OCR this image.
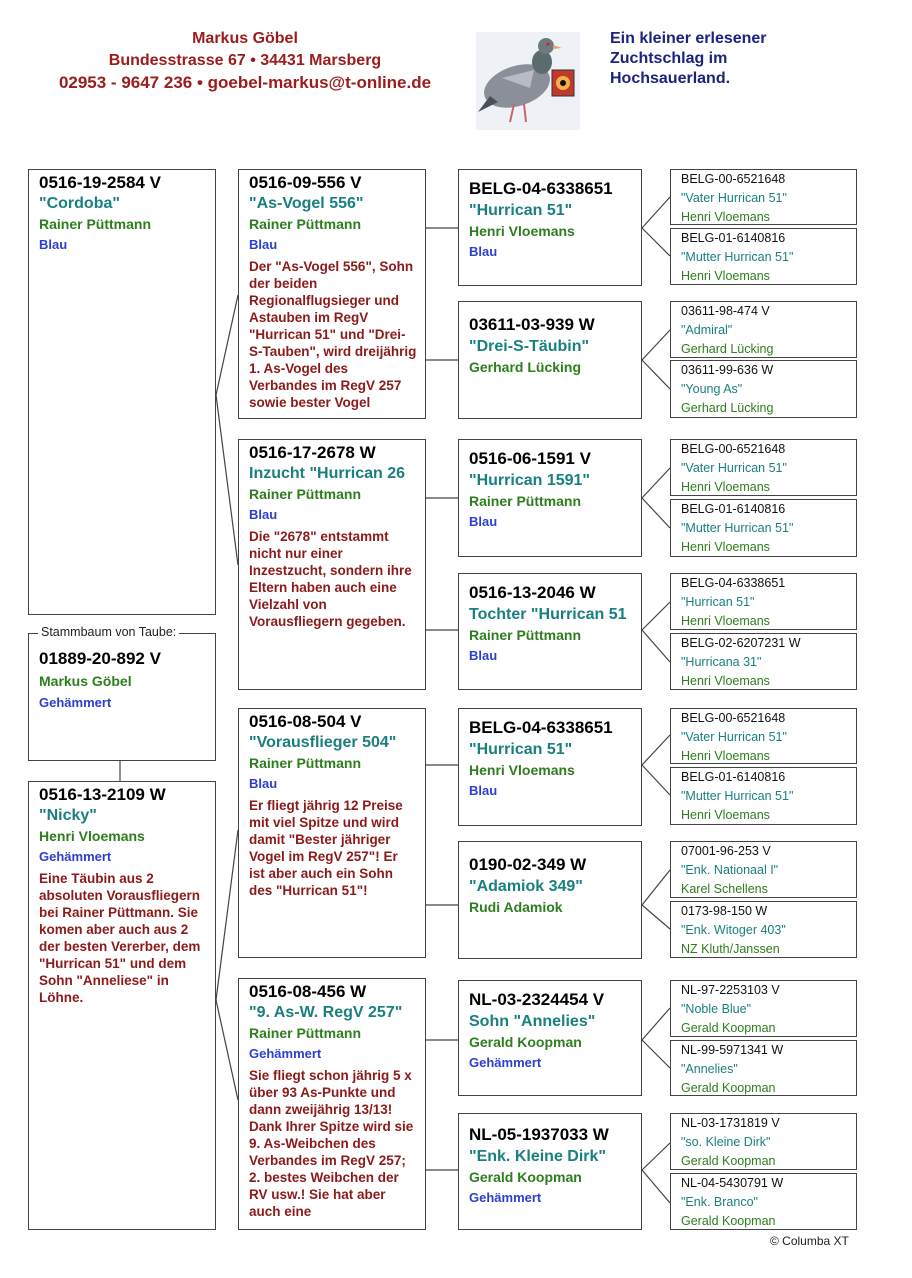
Markus Göbel
Bundesstrasse 67 • 34431 Marsberg
02953 - 9647 236 • goebel-markus@t-online.de
Ein kleiner erlesener
Zuchtschlag im
Hochsauerland.
0516-19-2584 V
"Cordoba"
Rainer Püttmann
Blau
01889-20-892 V
Markus Göbel
Gehämmert
Stammbaum von Taube:
0516-13-2109 W
"Nicky"
Henri Vloemans
Gehämmert
Eine Täubin aus 2 absoluten Vorausfliegern bei Rainer Püttmann. Sie komen aber auch aus 2 der besten Vererber, dem "Hurrican 51" und dem Sohn "Anneliese" in Löhne.
0516-09-556 V
"As-Vogel 556"
Rainer Püttmann
Blau
Der "As-Vogel 556", Sohn der beiden Regionalflugsieger und Astauben im RegV "Hurrican 51" und "Drei-S-Tauben", wird dreijährig 1. As-Vogel des Verbandes im RegV 257 sowie bester Vogel
0516-17-2678 W
Inzucht "Hurrican 26
Rainer Püttmann
Blau
Die "2678" entstammt nicht nur einer Inzestzucht, sondern ihre Eltern haben auch eine Vielzahl von Vorausfliegern gegeben.
0516-08-504 V
"Vorausflieger 504"
Rainer Püttmann
Blau
Er fliegt jährig 12 Preise mit viel Spitze und wird damit "Bester jähriger Vogel im RegV 257"! Er ist aber auch ein Sohn des "Hurrican 51"!
0516-08-456 W
"9. As-W. RegV 257"
Rainer Püttmann
Gehämmert
Sie fliegt schon jährig 5 x über 93 As-Punkte und dann zweijährig 13/13! Dank Ihrer Spitze wird sie 9. As-Weibchen des Verbandes im RegV 257; 2. bestes Weibchen der RV usw.! Sie hat aber auch eine
BELG-04-6338651
"Hurrican 51"
Henri Vloemans
Blau
03611-03-939 W
"Drei-S-Täubin"
Gerhard Lücking
0516-06-1591 V
"Hurrican 1591"
Rainer Püttmann
Blau
0516-13-2046 W
Tochter "Hurrican 51
Rainer Püttmann
Blau
BELG-04-6338651
"Hurrican 51"
Henri Vloemans
Blau
0190-02-349 W
"Adamiok 349"
Rudi Adamiok
NL-03-2324454 V
Sohn "Annelies"
Gerald Koopman
Gehämmert
NL-05-1937033 W
"Enk. Kleine Dirk"
Gerald Koopman
Gehämmert
BELG-00-6521648
"Vater Hurrican 51"
Henri Vloemans
BELG-01-6140816
"Mutter Hurrican 51"
Henri Vloemans
03611-98-474 V
"Admiral"
Gerhard Lücking
03611-99-636 W
"Young As"
Gerhard Lücking
BELG-00-6521648
"Vater Hurrican 51"
Henri Vloemans
BELG-01-6140816
"Mutter Hurrican 51"
Henri Vloemans
BELG-04-6338651
"Hurrican 51"
Henri Vloemans
BELG-02-6207231 W
"Hurricana 31"
Henri Vloemans
BELG-00-6521648
"Vater Hurrican 51"
Henri Vloemans
BELG-01-6140816
"Mutter Hurrican 51"
Henri Vloemans
07001-96-253 V
"Enk. Nationaal I"
Karel Schellens
0173-98-150 W
"Enk. Witoger 403"
NZ Kluth/Janssen
NL-97-2253103 V
"Noble Blue"
Gerald Koopman
NL-99-5971341 W
"Annelies"
Gerald Koopman
NL-03-1731819 V
"so. Kleine Dirk"
Gerald Koopman
NL-04-5430791 W
"Enk. Branco"
Gerald Koopman
© Columba XT
